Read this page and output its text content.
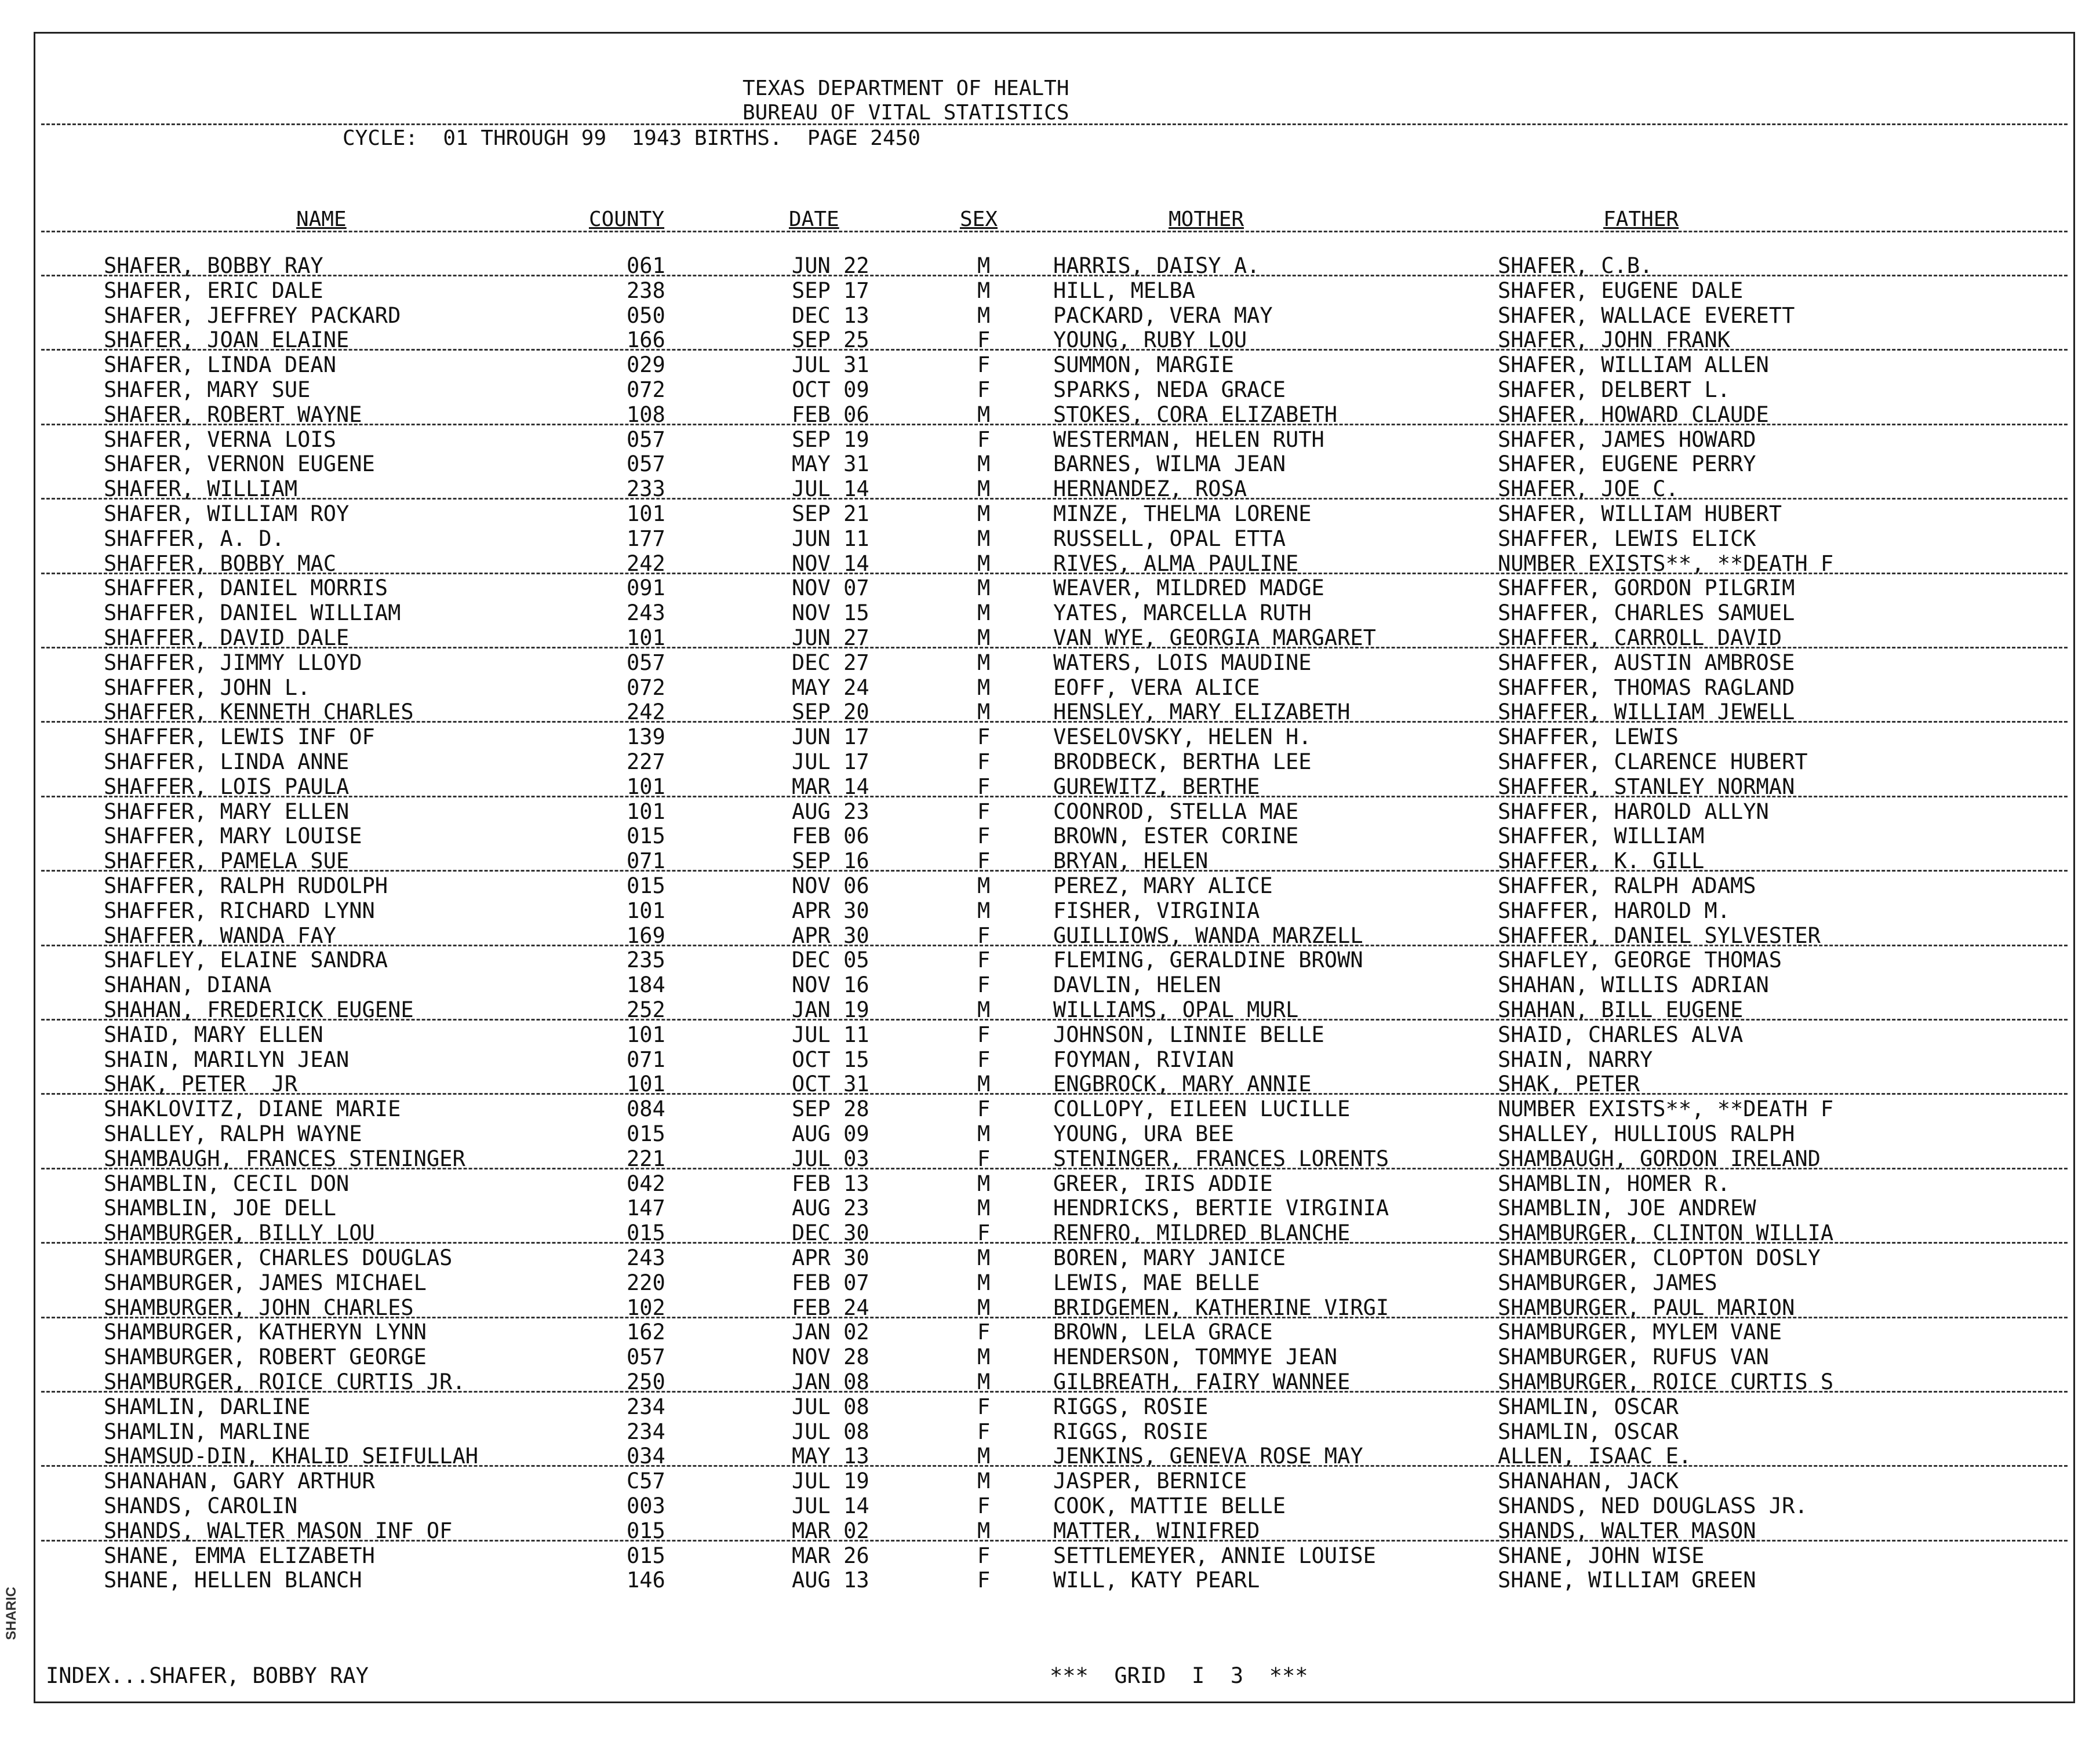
TEXAS DEPARTMENT OF HEALTH
BUREAU OF VITAL STATISTICS
CYCLE:  01 THROUGH 99  1943 BIRTHS.  PAGE 2450
NAME	COUNTY	DATE	SEX	MOTHER	FATHER
SHAFER, BOBBY RAY	061	JUN 22	M	HARRIS, DAISY A.	SHAFER, C.B.
SHAFER, ERIC DALE	238	SEP 17	M	HILL, MELBA	SHAFER, EUGENE DALE
SHAFER, JEFFREY PACKARD	050	DEC 13	M	PACKARD, VERA MAY	SHAFER, WALLACE EVERETT
SHAFER, JOAN ELAINE	166	SEP 25	F	YOUNG, RUBY LOU	SHAFER, JOHN FRANK
SHAFER, LINDA DEAN	029	JUL 31	F	SUMMON, MARGIE	SHAFER, WILLIAM ALLEN
SHAFER, MARY SUE	072	OCT 09	F	SPARKS, NEDA GRACE	SHAFER, DELBERT L.
SHAFER, ROBERT WAYNE	108	FEB 06	M	STOKES, CORA ELIZABETH	SHAFER, HOWARD CLAUDE
SHAFER, VERNA LOIS	057	SEP 19	F	WESTERMAN, HELEN RUTH	SHAFER, JAMES HOWARD
SHAFER, VERNON EUGENE	057	MAY 31	M	BARNES, WILMA JEAN	SHAFER, EUGENE PERRY
SHAFER, WILLIAM	233	JUL 14	M	HERNANDEZ, ROSA	SHAFER, JOE C.
SHAFER, WILLIAM ROY	101	SEP 21	M	MINZE, THELMA LORENE	SHAFER, WILLIAM HUBERT
SHAFFER, A. D.	177	JUN 11	M	RUSSELL, OPAL ETTA	SHAFFER, LEWIS ELICK
SHAFFER, BOBBY MAC	242	NOV 14	M	RIVES, ALMA PAULINE	NUMBER EXISTS**, **DEATH F
SHAFFER, DANIEL MORRIS	091	NOV 07	M	WEAVER, MILDRED MADGE	SHAFFER, GORDON PILGRIM
SHAFFER, DANIEL WILLIAM	243	NOV 15	M	YATES, MARCELLA RUTH	SHAFFER, CHARLES SAMUEL
SHAFFER, DAVID DALE	101	JUN 27	M	VAN WYE, GEORGIA MARGARET	SHAFFER, CARROLL DAVID
SHAFFER, JIMMY LLOYD	057	DEC 27	M	WATERS, LOIS MAUDINE	SHAFFER, AUSTIN AMBROSE
SHAFFER, JOHN L.	072	MAY 24	M	EOFF, VERA ALICE	SHAFFER, THOMAS RAGLAND
SHAFFER, KENNETH CHARLES	242	SEP 20	M	HENSLEY, MARY ELIZABETH	SHAFFER, WILLIAM JEWELL
SHAFFER, LEWIS INF OF	139	JUN 17	F	VESELOVSKY, HELEN H.	SHAFFER, LEWIS
SHAFFER, LINDA ANNE	227	JUL 17	F	BRODBECK, BERTHA LEE	SHAFFER, CLARENCE HUBERT
SHAFFER, LOIS PAULA	101	MAR 14	F	GUREWITZ, BERTHE	SHAFFER, STANLEY NORMAN
SHAFFER, MARY ELLEN	101	AUG 23	F	COONROD, STELLA MAE	SHAFFER, HAROLD ALLYN
SHAFFER, MARY LOUISE	015	FEB 06	F	BROWN, ESTER CORINE	SHAFFER, WILLIAM
SHAFFER, PAMELA SUE	071	SEP 16	F	BRYAN, HELEN	SHAFFER, K. GILL
SHAFFER, RALPH RUDOLPH	015	NOV 06	M	PEREZ, MARY ALICE	SHAFFER, RALPH ADAMS
SHAFFER, RICHARD LYNN	101	APR 30	M	FISHER, VIRGINIA	SHAFFER, HAROLD M.
SHAFFER, WANDA FAY	169	APR 30	F	GUILLIOWS, WANDA MARZELL	SHAFFER, DANIEL SYLVESTER
SHAFLEY, ELAINE SANDRA	235	DEC 05	F	FLEMING, GERALDINE BROWN	SHAFLEY, GEORGE THOMAS
SHAHAN, DIANA	184	NOV 16	F	DAVLIN, HELEN	SHAHAN, WILLIS ADRIAN
SHAHAN, FREDERICK EUGENE	252	JAN 19	M	WILLIAMS, OPAL MURL	SHAHAN, BILL EUGENE
SHAID, MARY ELLEN	101	JUL 11	F	JOHNSON, LINNIE BELLE	SHAID, CHARLES ALVA
SHAIN, MARILYN JEAN	071	OCT 15	F	FOYMAN, RIVIAN	SHAIN, NARRY
SHAK, PETER  JR	101	OCT 31	M	ENGBROCK, MARY ANNIE	SHAK, PETER
SHAKLOVITZ, DIANE MARIE	084	SEP 28	F	COLLOPY, EILEEN LUCILLE	NUMBER EXISTS**, **DEATH F
SHALLEY, RALPH WAYNE	015	AUG 09	M	YOUNG, URA BEE	SHALLEY, HULLIOUS RALPH
SHAMBAUGH, FRANCES STENINGER	221	JUL 03	F	STENINGER, FRANCES LORENTS	SHAMBAUGH, GORDON IRELAND
SHAMBLIN, CECIL DON	042	FEB 13	M	GREER, IRIS ADDIE	SHAMBLIN, HOMER R.
SHAMBLIN, JOE DELL	147	AUG 23	M	HENDRICKS, BERTIE VIRGINIA	SHAMBLIN, JOE ANDREW
SHAMBURGER, BILLY LOU	015	DEC 30	F	RENFRO, MILDRED BLANCHE	SHAMBURGER, CLINTON WILLIA
SHAMBURGER, CHARLES DOUGLAS	243	APR 30	M	BOREN, MARY JANICE	SHAMBURGER, CLOPTON DOSLY
SHAMBURGER, JAMES MICHAEL	220	FEB 07	M	LEWIS, MAE BELLE	SHAMBURGER, JAMES
SHAMBURGER, JOHN CHARLES	102	FEB 24	M	BRIDGEMEN, KATHERINE VIRGI	SHAMBURGER, PAUL MARION
SHAMBURGER, KATHERYN LYNN	162	JAN 02	F	BROWN, LELA GRACE	SHAMBURGER, MYLEM VANE
SHAMBURGER, ROBERT GEORGE	057	NOV 28	M	HENDERSON, TOMMYE JEAN	SHAMBURGER, RUFUS VAN
SHAMBURGER, ROICE CURTIS JR.	250	JAN 08	M	GILBREATH, FAIRY WANNEE	SHAMBURGER, ROICE CURTIS S
SHAMLIN, DARLINE	234	JUL 08	F	RIGGS, ROSIE	SHAMLIN, OSCAR
SHAMLIN, MARLINE	234	JUL 08	F	RIGGS, ROSIE	SHAMLIN, OSCAR
SHAMSUD-DIN, KHALID SEIFULLAH	034	MAY 13	M	JENKINS, GENEVA ROSE MAY	ALLEN, ISAAC E.
SHANAHAN, GARY ARTHUR	C57	JUL 19	M	JASPER, BERNICE	SHANAHAN, JACK
SHANDS, CAROLIN	003	JUL 14	F	COOK, MATTIE BELLE	SHANDS, NED DOUGLASS JR.
SHANDS, WALTER MASON INF OF	015	MAR 02	M	MATTER, WINIFRED	SHANDS, WALTER MASON
SHANE, EMMA ELIZABETH	015	MAR 26	F	SETTLEMEYER, ANNIE LOUISE	SHANE, JOHN WISE
SHANE, HELLEN BLANCH	146	AUG 13	F	WILL, KATY PEARL	SHANE, WILLIAM GREEN
INDEX...SHAFER, BOBBY RAY	***  GRID  I  3  ***
SHARIC
